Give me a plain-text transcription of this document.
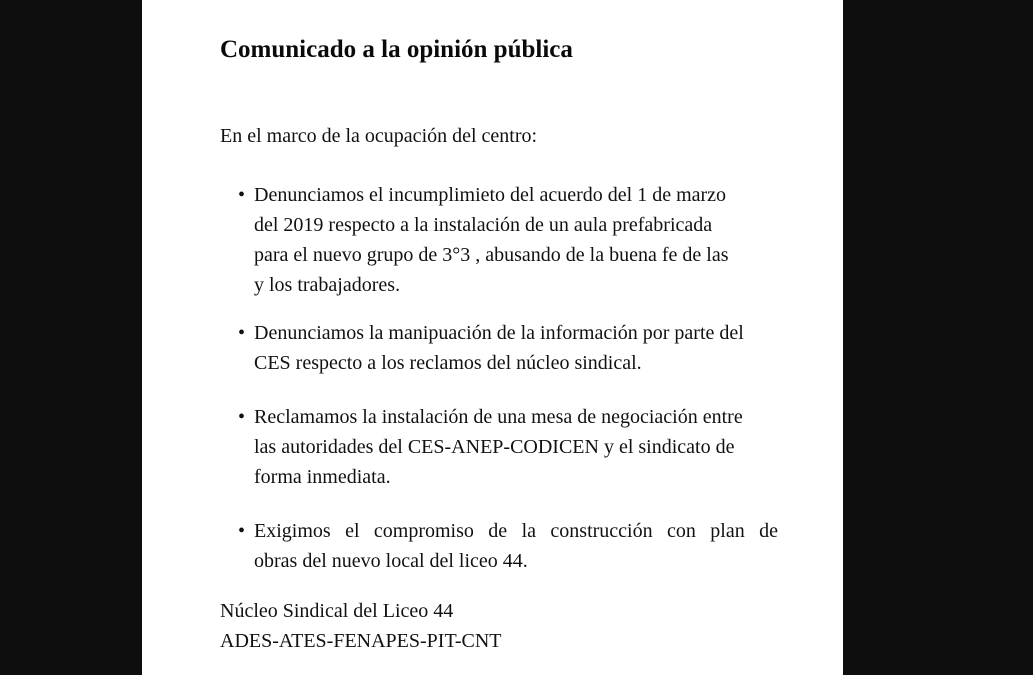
Comunicado a la opinión pública

En el marco de la ocupación del centro:

• Denunciamos el incumplimieto del acuerdo del 1 de marzo
del 2019 respecto a la instalación de un aula prefabricada
para el nuevo grupo de 3°3 , abusando de la buena fe de las
y los trabajadores.
• Denunciamos la manipuación de la información por parte del
CES respecto a los reclamos del núcleo sindical.
• Reclamamos la instalación de una mesa de negociación entre
las autoridades del CES-ANEP-CODICEN y el sindicato de
forma inmediata.
• Exigimos el compromiso de la construcción con plan de
obras del nuevo local del liceo 44.
Núcleo Sindical del Liceo 44
ADES-ATES-FENAPES-PIT-CNT
